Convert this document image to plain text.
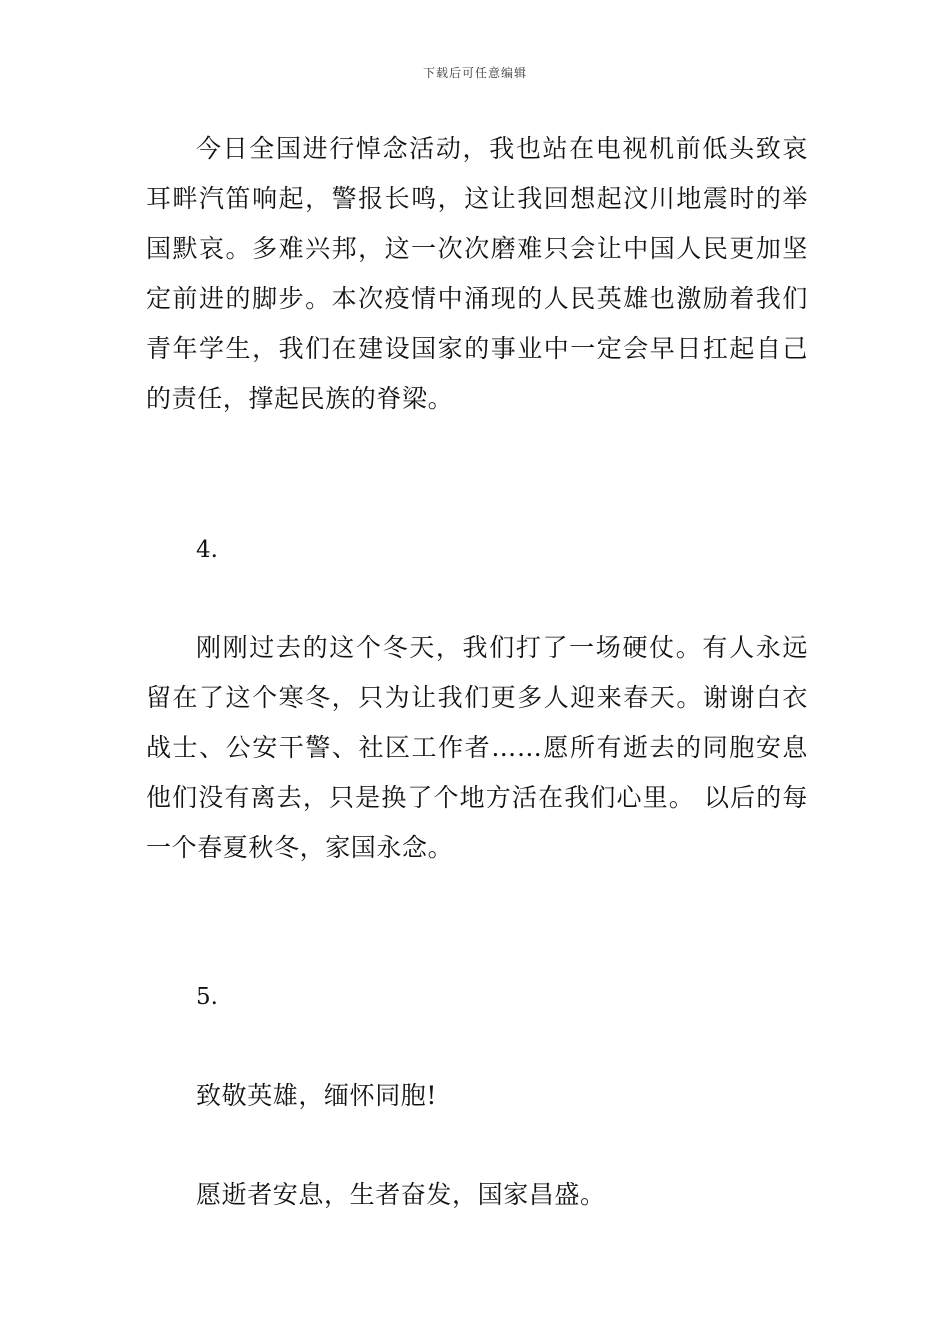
下载后可任意编辑

今日全国进行悼念活动，我也站在电视机前低头致哀耳畔汽笛响起，警报长鸣，这让我回想起汶川地震时的举国默哀。多难兴邦，这一次次磨难只会让中国人民更加坚定前进的脚步。本次疫情中涌现的人民英雄也激励着我们青年学生，我们在建设国家的事业中一定会早日扛起自己的责任，撑起民族的脊梁。

4.

刚刚过去的这个冬天，我们打了一场硬仗。有人永远留在了这个寒冬，只为让我们更多人迎来春天。谢谢白衣战士、公安干警、社区工作者……愿所有逝去的同胞安息他们没有离去，只是换了个地方活在我们心里。 以后的每一个春夏秋冬，家国永念。

5.

致敬英雄，缅怀同胞!

愿逝者安息，生者奋发，国家昌盛。
